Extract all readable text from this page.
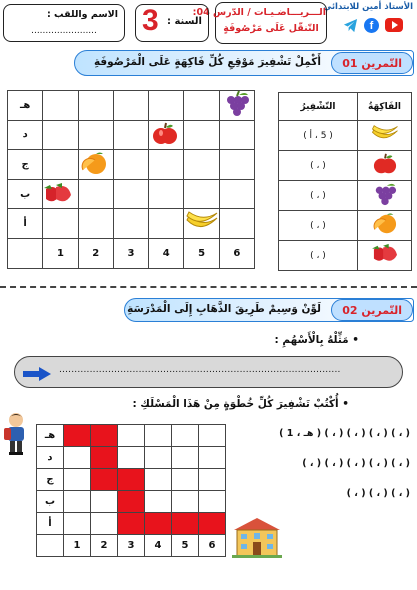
الأستاذ أمين للابتدائي
f
الـــريـــاضـيـات / الدّرس 04:
التّنقّل عَلَى مَرْصُوفَةٍ
السنة :
3
الاسم واللقب :
.......................
التّمرين 01
أَكْمِلْ تَشْفِيرَ مَوْقِعِ كُلِّ فَاكِهَةٍ عَلَى الْمَرْصُوفَةِ
هـ						
د						
ج						
ب						
أ						
	1	2	3	4	5	6
الفَاكِهَةُ	التّشْفِيرُ
	( 5 ، أ )
	( ، )
	( ، )
	( ، )
	( ، )
التّمرين 02
لَوِّنْ وَسِيمْ طَرِيقَ الذَّهَابِ إِلَى الْمَدْرَسَةِ
• مَثِّلْهُ بِالْأَسْهُمِ :
............................................................................................
• أُكْتُبْ تَشْفِيرَ كُلِّ خُطْوَةٍ مِنْ هَذَا الْمَسْلَكِ :
هـ						
د						
ج						
ب						
أ						
	1	2	3	4	5	6
( ، ) ( ، ) ( ، ) ( ، ) ( هـ ، 1 )
( ، ) ( ، ) ( ، ) ( ، ) ( ، )
( ، ) ( ، ) ( ، )
